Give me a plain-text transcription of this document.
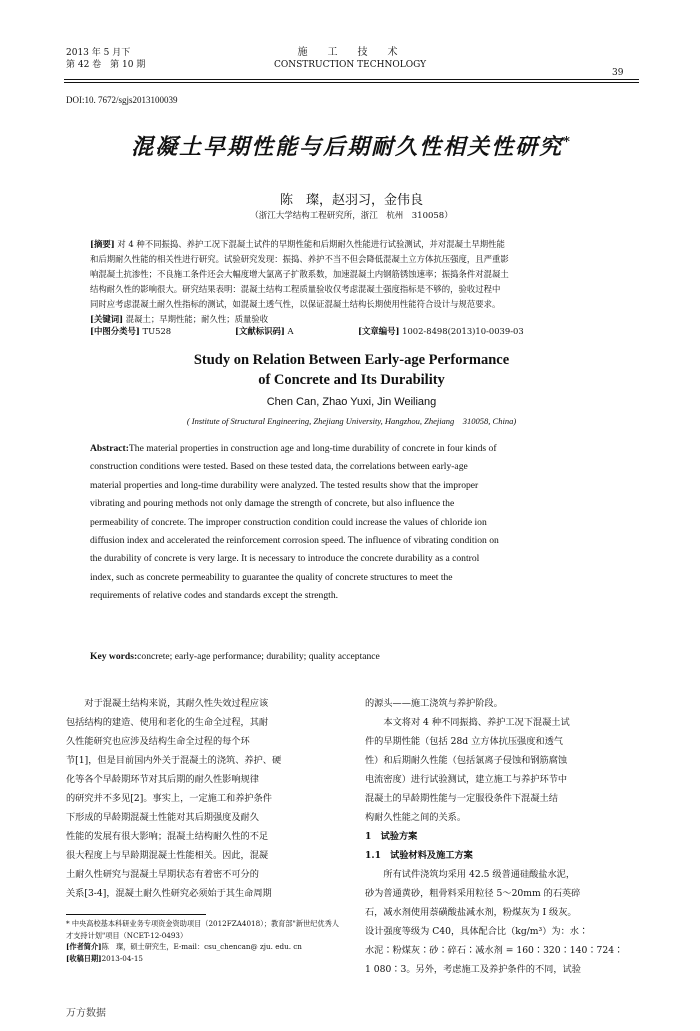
2013 年 5 月下
第 42 卷　第 10 期
施　工　技　术
CONSTRUCTION TECHNOLOGY
39
DOI:10. 7672/sgjs2013100039
混凝土早期性能与后期耐久性相关性研究*
陈　璨，赵羽习，金伟良
（浙江大学结构工程研究所，浙江　杭州　310058）

[摘要] 对 4 种不同振捣、养护工况下混凝土试件的早期性能和后期耐久性能进行试验测试，并对混凝土早期性能

和后期耐久性能的相关性进行研究。试验研究发现：振捣、养护不当不但会降低混凝土立方体抗压强度，且严重影

响混凝土抗渗性；不良施工条件还会大幅度增大氯离子扩散系数，加速混凝土内钢筋锈蚀速率；振捣条件对混凝土

结构耐久性的影响很大。研究结果表明：混凝土结构工程质量验收仅考虑混凝土强度指标是不够的，验收过程中

同时应考虑混凝土耐久性指标的测试，如混凝土透气性，以保证混凝土结构长期使用性能符合设计与规范要求。

[关键词] 混凝土；早期性能；耐久性；质量验收

[中图分类号] TU528	[文献标识码] A	[文章编号] 1002-8498(2013)10-0039-03
Study on Relation Between Early-age Performance
of Concrete and Its Durability
Chen Can, Zhao Yuxi, Jin Weiliang
( Institute of Structural Engineering, Zhejiang University, Hangzhou, Zhejiang　310058, China)

Abstract:The material properties in construction age and long-time durability of concrete in four kinds of

construction conditions were tested. Based on these tested data, the correlations between early-age

material properties and long-time durability were analyzed. The tested results show that the improper

vibrating and pouring methods not only damage the strength of concrete, but also influence the

permeability of concrete. The improper construction condition could increase the values of chloride ion

diffusion index and accelerated the reinforcement corrosion speed. The influence of vibrating condition on

the durability of concrete is very large. It is necessary to introduce the concrete durability as a control

index, such as concrete permeability to guarantee the quality of concrete structures to meet the

requirements of relative codes and standards except the strength.

Key words:concrete; early-age performance; durability; quality acceptance

对于混凝土结构来说，其耐久性失效过程应该

包括结构的建造、使用和老化的生命全过程，其耐

久性能研究也应涉及结构生命全过程的每个环

节[1]，但是目前国内外关于混凝土的浇筑、养护、硬

化等各个早龄期环节对其后期的耐久性影响规律

的研究并不多见[2]。事实上，一定施工和养护条件

下形成的早龄期混凝土性能对其后期强度及耐久

性能的发展有很大影响；混凝土结构耐久性的不足

很大程度上与早龄期混凝土性能相关。因此，混凝

土耐久性研究与混凝土早期状态有着密不可分的

关系[3-4]，混凝土耐久性研究必须始于其生命周期

的源头——施工浇筑与养护阶段。

本文将对 4 种不同振捣、养护工况下混凝土试

件的早期性能（包括 28d 立方体抗压强度和透气

性）和后期耐久性能（包括氯离子侵蚀和钢筋腐蚀

电流密度）进行试验测试，建立施工与养护环节中

混凝土的早龄期性能与一定服役条件下混凝土结

构耐久性能之间的关系。

1　试验方案

1.1　试验材料及施工方案

所有试件浇筑均采用 42.5 级普通硅酸盐水泥，

砂为普通黄砂，粗骨料采用粒径 5～20mm 的石英碎

石，减水剂使用萘磺酸盐减水剂，粉煤灰为 I 级灰。

设计强度等级为 C40，具体配合比（kg/m³）为：水∶

水泥∶粉煤灰∶砂∶碎石∶减水剂 = 160∶320∶140∶724∶

1 080∶3。另外，考虑施工及养护条件的不同，试验

* 中央高校基本科研业务专项资金资助项目（2012FZA4018）；教育部"新世纪优秀人才支持计划"项目（NCET-12-0493）

[作者简介]陈　璨，硕士研究生，E-mail：csu_chencan@ zju. edu. cn

[收稿日期]2013-04-15

万方数据
